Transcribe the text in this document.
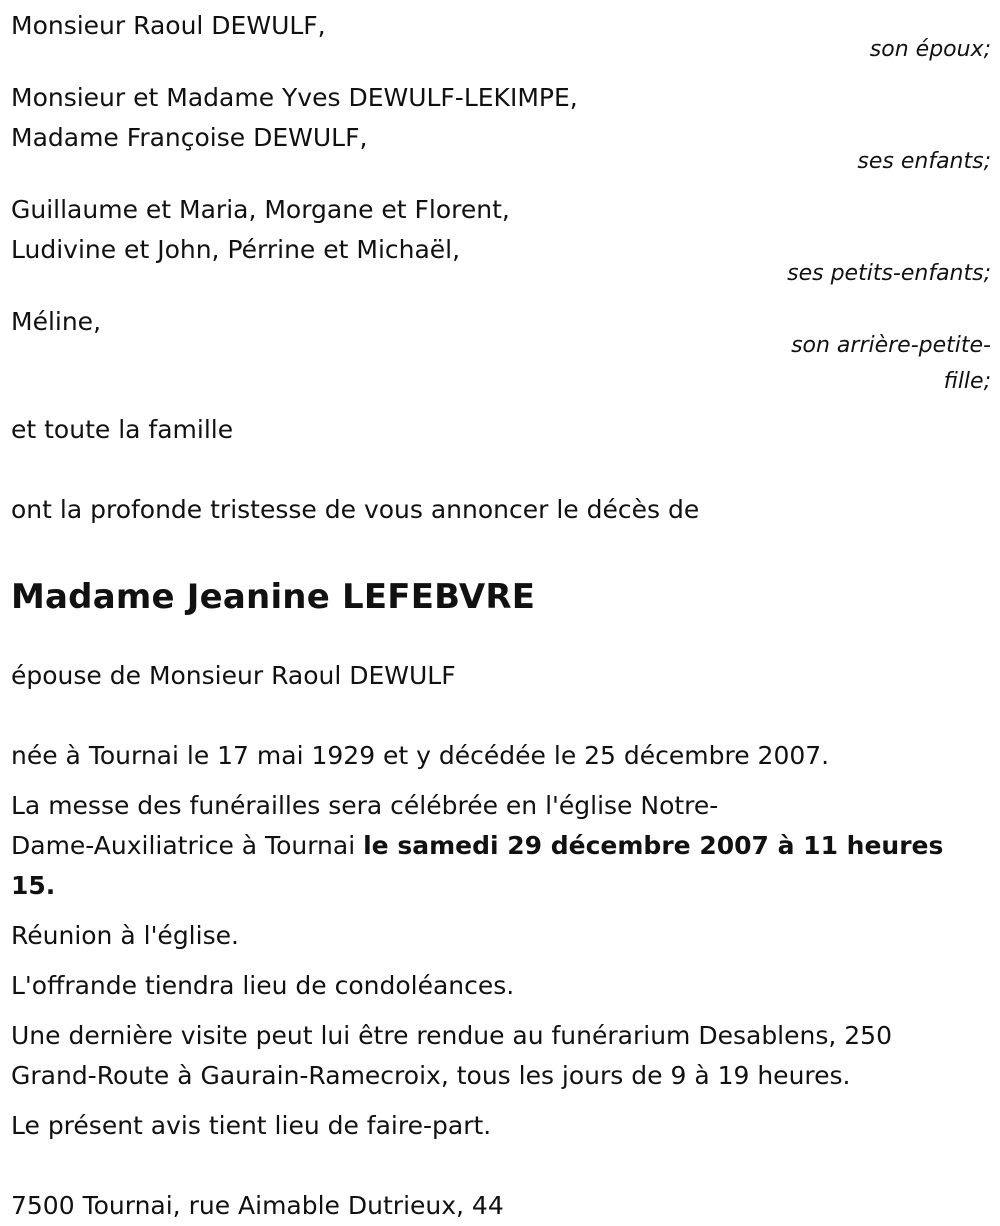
Monsieur Raoul DEWULF,

son époux;

Monsieur et Madame Yves DEWULF-LEKIMPE,

Madame Françoise DEWULF,

ses enfants;

Guillaume et Maria, Morgane et Florent,

Ludivine et John, Pérrine et Michaël,

ses petits-enfants;

Méline,

son arrière-petite-

fille;

et toute la famille

ont la profonde tristesse de vous annoncer le décès de

Madame Jeanine LEFEBVRE

épouse de Monsieur Raoul DEWULF

née à Tournai le 17 mai 1929 et y décédée le 25 décembre 2007.

La messe des funérailles sera célébrée en l'église Notre-

Dame-Auxiliatrice à Tournai le samedi 29 décembre 2007 à 11 heures

15.

Réunion à l'église.

L'offrande tiendra lieu de condoléances.

Une dernière visite peut lui être rendue au funérarium Desablens, 250

Grand-Route à Gaurain-Ramecroix, tous les jours de 9 à 19 heures.

Le présent avis tient lieu de faire-part.

7500 Tournai, rue Aimable Dutrieux, 44
